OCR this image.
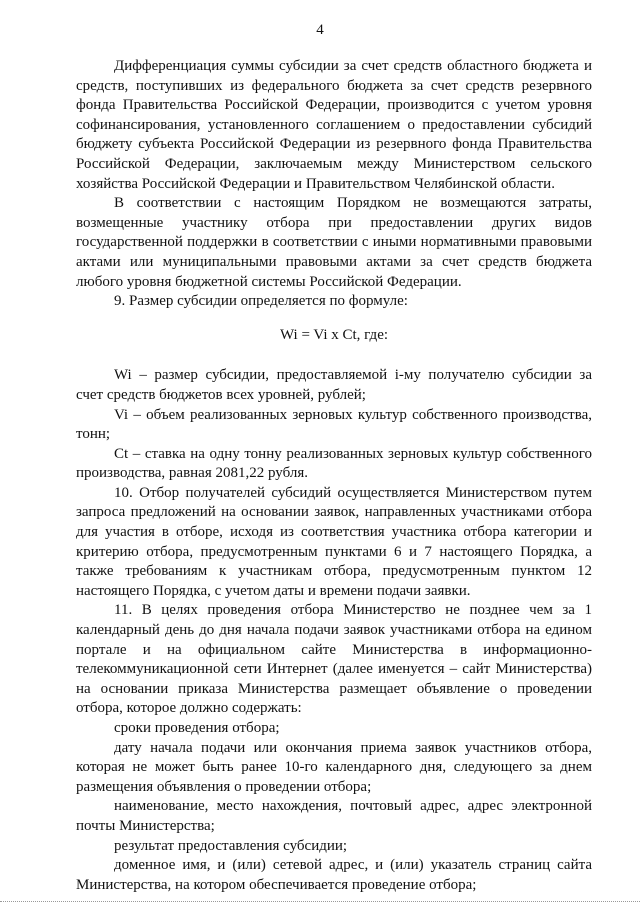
4

Дифференциация суммы субсидии за счет средств областного бюджета и средств, поступивших из федерального бюджета за счет средств резервного фонда Правительства Российской Федерации, производится с учетом уровня софинансирования, установленного соглашением о предоставлении субсидий бюджету субъекта Российской Федерации из резервного фонда Правительства Российской Федерации, заключаемым между Министерством сельского хозяйства Российской Федерации и Правительством Челябинской области.

В соответствии с настоящим Порядком не возмещаются затраты, возмещенные участнику отбора при предоставлении других видов государственной поддержки в соответствии с иными нормативными правовыми актами или муниципальными правовыми актами за счет средств бюджета любого уровня бюджетной системы Российской Федерации.

9. Размер субсидии определяется по формуле:

Wi = Vi x Ct, где:

Wi – размер субсидии, предоставляемой i-му получателю субсидии за счет средств бюджетов всех уровней, рублей;

Vi – объем реализованных зерновых культур собственного производства, тонн;

Ct – ставка на одну тонну реализованных зерновых культур собственного производства, равная 2081,22 рубля.

10. Отбор получателей субсидий осуществляется Министерством путем запроса предложений на основании заявок, направленных участниками отбора для участия в отборе, исходя из соответствия участника отбора категории и критерию отбора, предусмотренным пунктами 6 и 7 настоящего Порядка, а также требованиям к участникам отбора, предусмотренным пунктом 12 настоящего Порядка, с учетом даты и времени подачи заявки.

11. В целях проведения отбора Министерство не позднее чем за 1 календарный день до дня начала подачи заявок участниками отбора на едином портале и на официальном сайте Министерства в информационно-телекоммуникационной сети Интернет (далее именуется – сайт Министерства) на основании приказа Министерства размещает объявление о проведении отбора, которое должно содержать:

сроки проведения отбора;

дату начала подачи или окончания приема заявок участников отбора, которая не может быть ранее 10-го календарного дня, следующего за днем размещения объявления о проведении отбора;

наименование, место нахождения, почтовый адрес, адрес электронной почты Министерства;

результат предоставления субсидии;

доменное имя, и (или) сетевой адрес, и (или) указатель страниц сайта Министерства, на котором обеспечивается проведение отбора;
